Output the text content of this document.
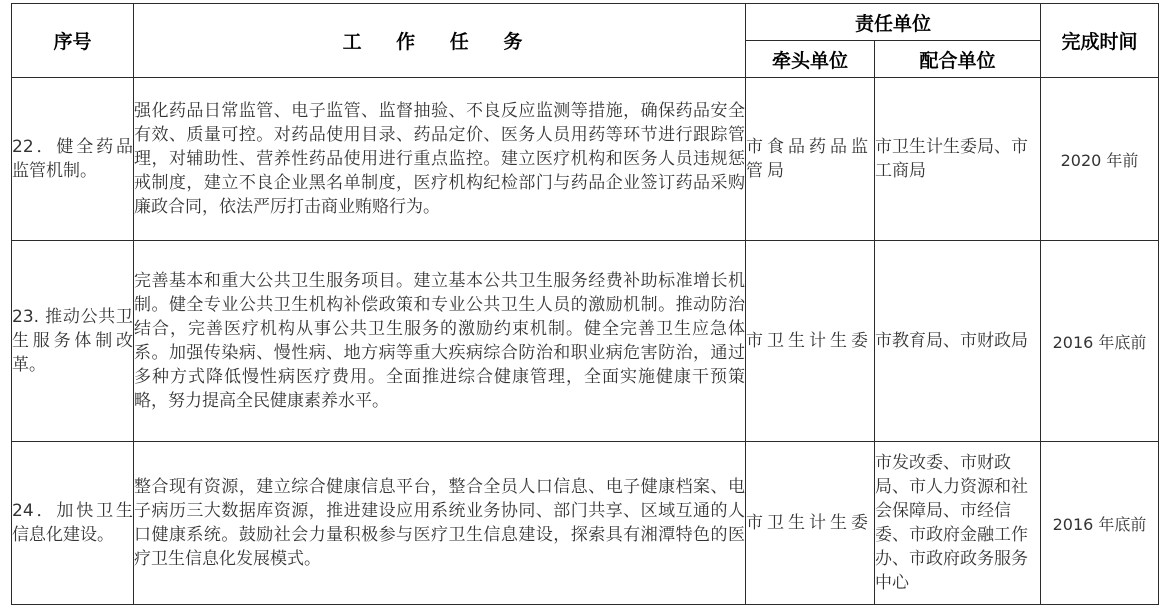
序号	工 作 任 务	责任单位		完成时间
		牵头单位	配合单位	
22．健全药品监管机制。	强化药品日常监管、电子监管、监督抽验、不良反应监测等措施，确保药品安全有效、质量可控。对药品使用目录、药品定价、医务人员用药等环节进行跟踪管理，对辅助性、营养性药品使用进行重点监控。建立医疗机构和医务人员违规惩戒制度，建立不良企业黑名单制度，医疗机构纪检部门与药品企业签订药品采购廉政合同，依法严厉打击商业贿赂行为。	市食品药品监管局	市卫生计生委局、市工商局	2020 年前
23. 推动公共卫生服务体制改革。	完善基本和重大公共卫生服务项目。建立基本公共卫生服务经费补助标准增长机制。健全专业公共卫生机构补偿政策和专业公共卫生人员的激励机制。推动防治结合，完善医疗机构从事公共卫生服务的激励约束机制。健全完善卫生应急体系。加强传染病、慢性病、地方病等重大疾病综合防治和职业病危害防治，通过多种方式降低慢性病医疗费用。全面推进综合健康管理，全面实施健康干预策略，努力提高全民健康素养水平。	市卫生计生委	市教育局、市财政局	2016 年底前
24．加快卫生信息化建设。	整合现有资源，建立综合健康信息平台，整合全员人口信息、电子健康档案、电子病历三大数据库资源，推进建设应用系统业务协同、部门共享、区域互通的人口健康系统。鼓励社会力量积极参与医疗卫生信息建设，探索具有湘潭特色的医疗卫生信息化发展模式。	市卫生计生委	市发改委、市财政局、市人力资源和社会保障局、市经信委、市政府金融工作办、市政府政务服务中心	2016 年底前
